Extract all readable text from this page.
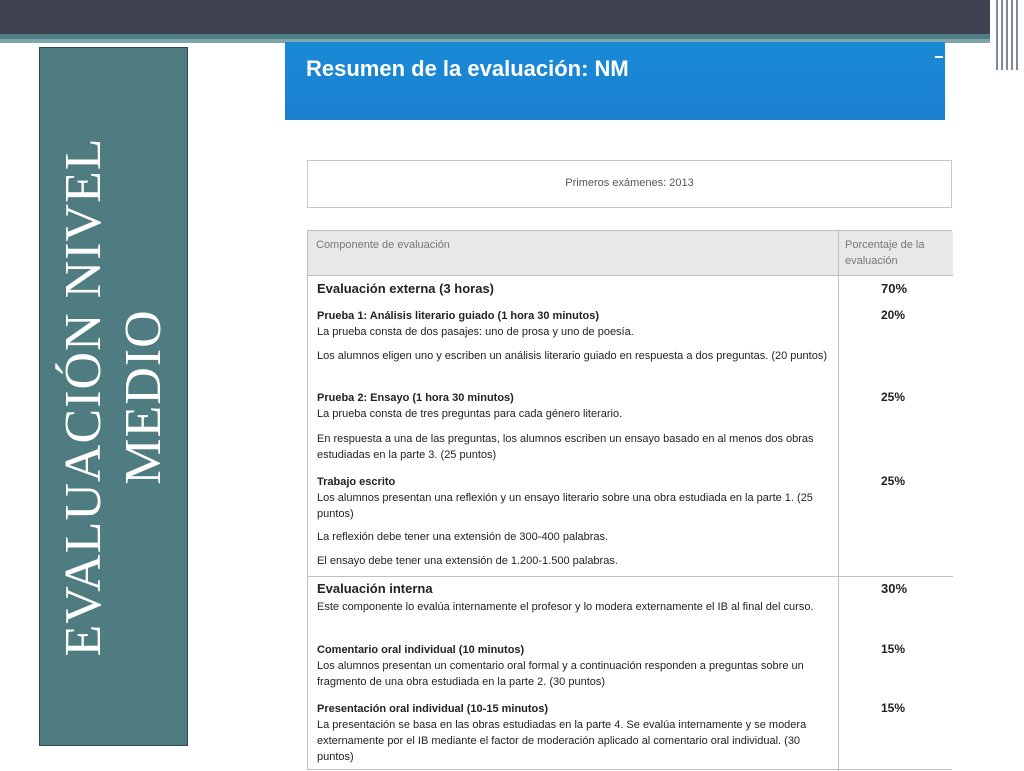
EVALUACIÓN NIVEL MEDIO
Resumen de la evaluación: NM
Primeros exámenes: 2013
Componente de evaluación	Porcentaje de la evaluación
Evaluación externa (3 horas)	70%
Prueba 1: Análisis literario guiado (1 hora 30 minutos)	20%
La prueba consta de dos pasajes: uno de prosa y uno de poesía.
Los alumnos eligen uno y escriben un análisis literario guiado en respuesta a dos preguntas. (20 puntos)
Prueba 2: Ensayo (1 hora 30 minutos)	25%
La prueba consta de tres preguntas para cada género literario.
En respuesta a una de las preguntas, los alumnos escriben un ensayo basado en al menos dos obras estudiadas en la parte 3. (25 puntos)
Trabajo escrito	25%
Los alumnos presentan una reflexión y un ensayo literario sobre una obra estudiada en la parte 1. (25 puntos)
La reflexión debe tener una extensión de 300-400 palabras.
El ensayo debe tener una extensión de 1.200-1.500 palabras.
Evaluación interna	30%
Este componente lo evalúa internamente el profesor y lo modera externamente el IB al final del curso.
Comentario oral individual (10 minutos)	15%
Los alumnos presentan un comentario oral formal y a continuación responden a preguntas sobre un fragmento de una obra estudiada en la parte 2. (30 puntos)
Presentación oral individual (10-15 minutos)	15%
La presentación se basa en las obras estudiadas en la parte 4. Se evalúa internamente y se modera externamente por el IB mediante el factor de moderación aplicado al comentario oral individual. (30 puntos)
